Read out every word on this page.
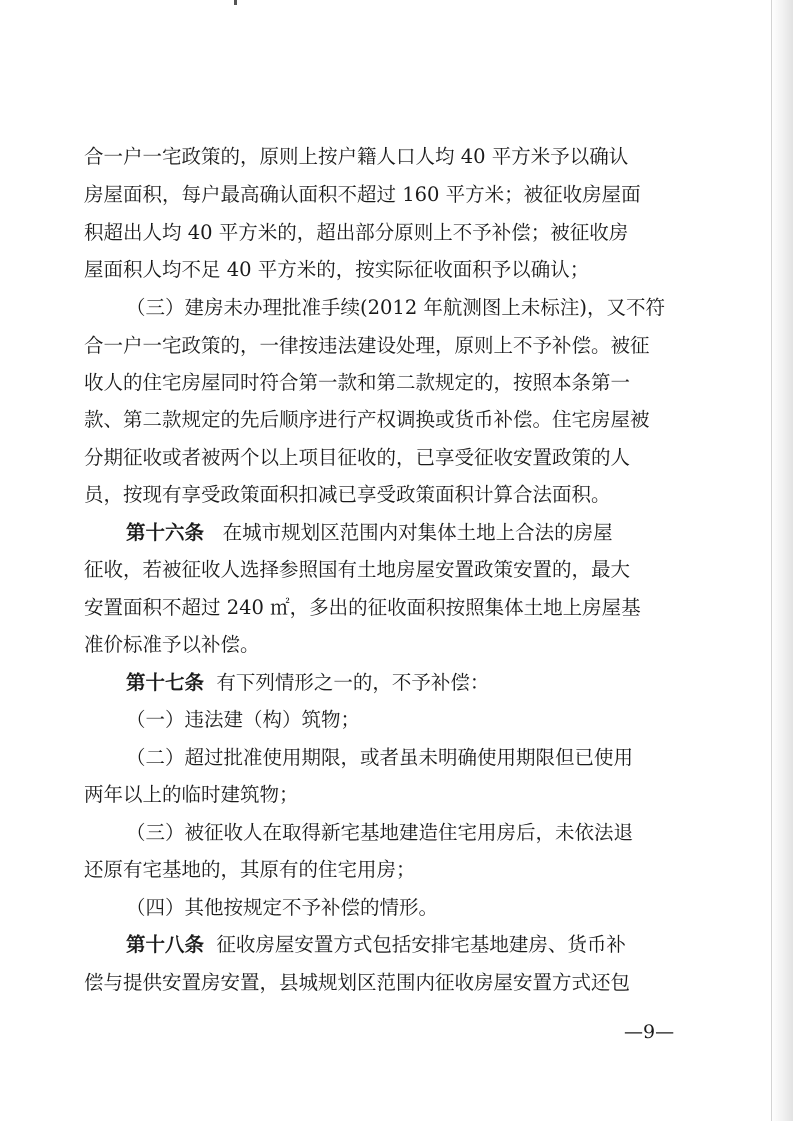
合一户一宅政策的，原则上按户籍人口人均 40 平方米予以确认
房屋面积，每户最高确认面积不超过 160 平方米；被征收房屋面
积超出人均 40 平方米的，超出部分原则上不予补偿；被征收房
屋面积人均不足 40 平方米的，按实际征收面积予以确认；
（三）建房未办理批准手续(2012 年航测图上未标注)，又不符
合一户一宅政策的，一律按违法建设处理，原则上不予补偿。被征
收人的住宅房屋同时符合第一款和第二款规定的，按照本条第一
款、第二款规定的先后顺序进行产权调换或货币补偿。住宅房屋被
分期征收或者被两个以上项目征收的，已享受征收安置政策的人
员，按现有享受政策面积扣减已享受政策面积计算合法面积。
第十六条 在城市规划区范围内对集体土地上合法的房屋
征收，若被征收人选择参照国有土地房屋安置政策安置的，最大
安置面积不超过 240 ㎡，多出的征收面积按照集体土地上房屋基
准价标准予以补偿。
第十七条 有下列情形之一的，不予补偿：
（一）违法建（构）筑物；
（二）超过批准使用期限，或者虽未明确使用期限但已使用
两年以上的临时建筑物；
（三）被征收人在取得新宅基地建造住宅用房后，未依法退
还原有宅基地的，其原有的住宅用房；
（四）其他按规定不予补偿的情形。
第十八条 征收房屋安置方式包括安排宅基地建房、货币补
偿与提供安置房安置，县城规划区范围内征收房屋安置方式还包
—9—
